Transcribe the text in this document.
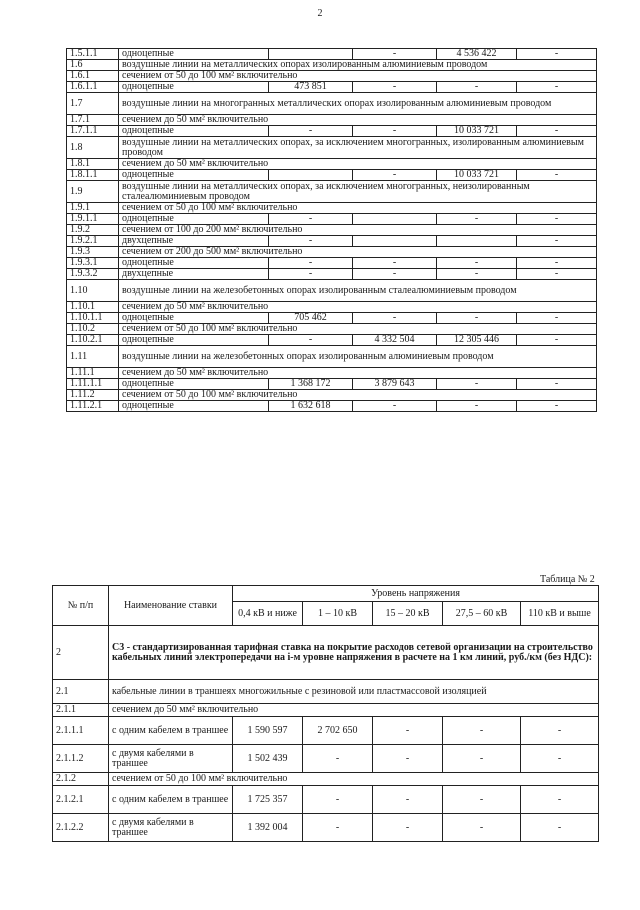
2
1.5.1.1	одноцепные		-	4 536 422	-	
1.6	воздушные линии на металлических опорах изолированным алюминиевым проводом					
1.6.1	сечением от 50 до 100 мм² включительно					
1.6.1.1	одноцепные	473 851	-	-	-	
1.7	воздушные линии на многогранных металлических опорах изолированным алюминиевым проводом					
1.7.1	сечением до 50 мм² включительно					
1.7.1.1	одноцепные	-	-	10 033 721	-	
1.8	воздушные линии на металлических опорах, за исключением многогранных, изолированным алюминиевым проводом					
1.8.1	сечением до 50 мм² включительно					
1.8.1.1	одноцепные		-	10 033 721	-	
1.9	воздушные линии на металлических опорах, за исключением многогранных, неизолированным сталеалюминиевым проводом					
1.9.1	сечением от 50 до 100 мм² включительно					
1.9.1.1	одноцепные	-		-	-	
1.9.2	сечением от 100 до 200 мм² включительно					
1.9.2.1	двухцепные	-			-	
1.9.3	сечением от 200 до 500 мм² включительно					
1.9.3.1	одноцепные	-	-	-	-	
1.9.3.2	двухцепные	-	-	-	-	
1.10	воздушные линии на железобетонных опорах изолированным сталеалюминиевым проводом					
1.10.1	сечением до 50 мм² включительно					
1.10.1.1	одноцепные	705 462	-	-	-	
1.10.2	сечением от 50 до 100 мм² включительно					
1.10.2.1	одноцепные	-	4 332 504	12 305 446	-	
1.11	воздушные линии на железобетонных опорах изолированным алюминиевым проводом					
1.11.1	сечением до 50 мм² включительно					
1.11.1.1	одноцепные	1 368 172	3 879 643	-	-	
1.11.2	сечением от 50 до 100 мм² включительно					
1.11.2.1	одноцепные	1 632 618	-	-	-	
Таблица № 2
№ п/п	Наименование ставки	Уровень напряжения				
		0,4 кВ и ниже	1 – 10 кВ	15 – 20 кВ	27,5 – 60 кВ	110 кВ и выше
2	С3 - стандартизированная тарифная ставка на покрытие расходов сетевой организации на строительство кабельных линий электропередачи на i-м уровне напряжения в расчете на 1 км линий, руб./км (без НДС):					
2.1	кабельные линии в траншеях многожильные с резиновой или пластмассовой изоляцией					
2.1.1	сечением до 50 мм² включительно					
2.1.1.1	с одним кабелем в траншее	1 590 597	2 702 650	-	-	-
2.1.1.2	с двумя кабелями в траншее	1 502 439	-	-	-	-
2.1.2	сечением от 50 до 100 мм² включительно					
2.1.2.1	с одним кабелем в траншее	1 725 357	-	-	-	-
2.1.2.2	с двумя кабелями в траншее	1 392 004	-	-	-	-
